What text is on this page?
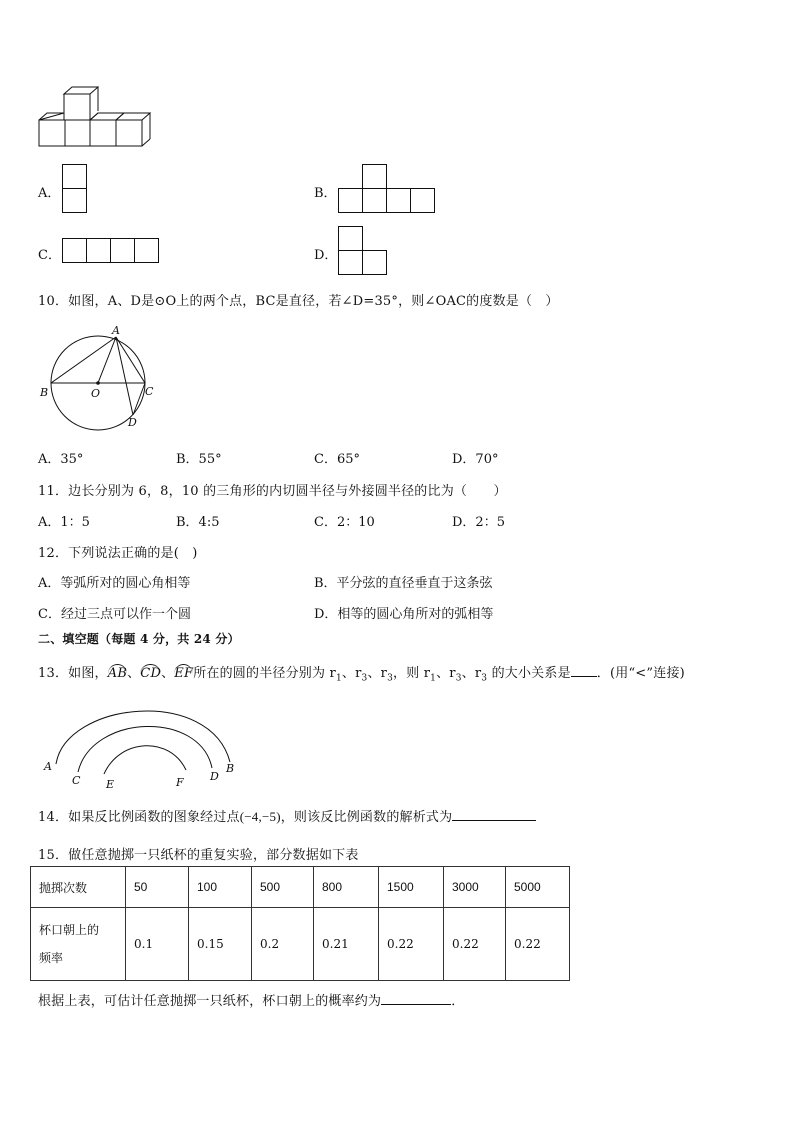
A．	B．
C．	D．
10．如图，A、D是⊙O上的两个点，BC是直径，若∠D=35°，则∠OAC的度数是（　）
A
B	O	C
D
A．35°	B．55°	C．65°	D．70°
11．边长分别为 6，8，10 的三角形的内切圆半径与外接圆半径的比为（　　）
A．1：5	B．4:5	C．2：10	D．2：5
12．下列说法正确的是(　)
A．等弧所对的圆心角相等	B．平分弦的直径垂直于这条弦
C．经过三点可以作一个圆	D．相等的圆心角所对的弧相等
二、填空题（每题 4 分，共 24 分）
13．如图，AB、CD、EF所在的圆的半径分别为 $r_1$、$r_3$、$r_3$，则 $r_1$、$r_3$、$r_3$ 的大小关系是 ．(用“<”连接)
A
C E	F D
B
14．如果反比例函数的图象经过点(−4,−5)，则该反比例函数的解析式为
15．做任意抛掷一只纸杯的重复实验，部分数据如下表
抛掷次数	50	100	500	800	1500	3000	5000

杯口朝上的
频率	0.1	0.15	0.2	0.21	0.22	0.22	0.22
根据上表，可估计任意抛掷一只纸杯，杯口朝上的概率约为	．
